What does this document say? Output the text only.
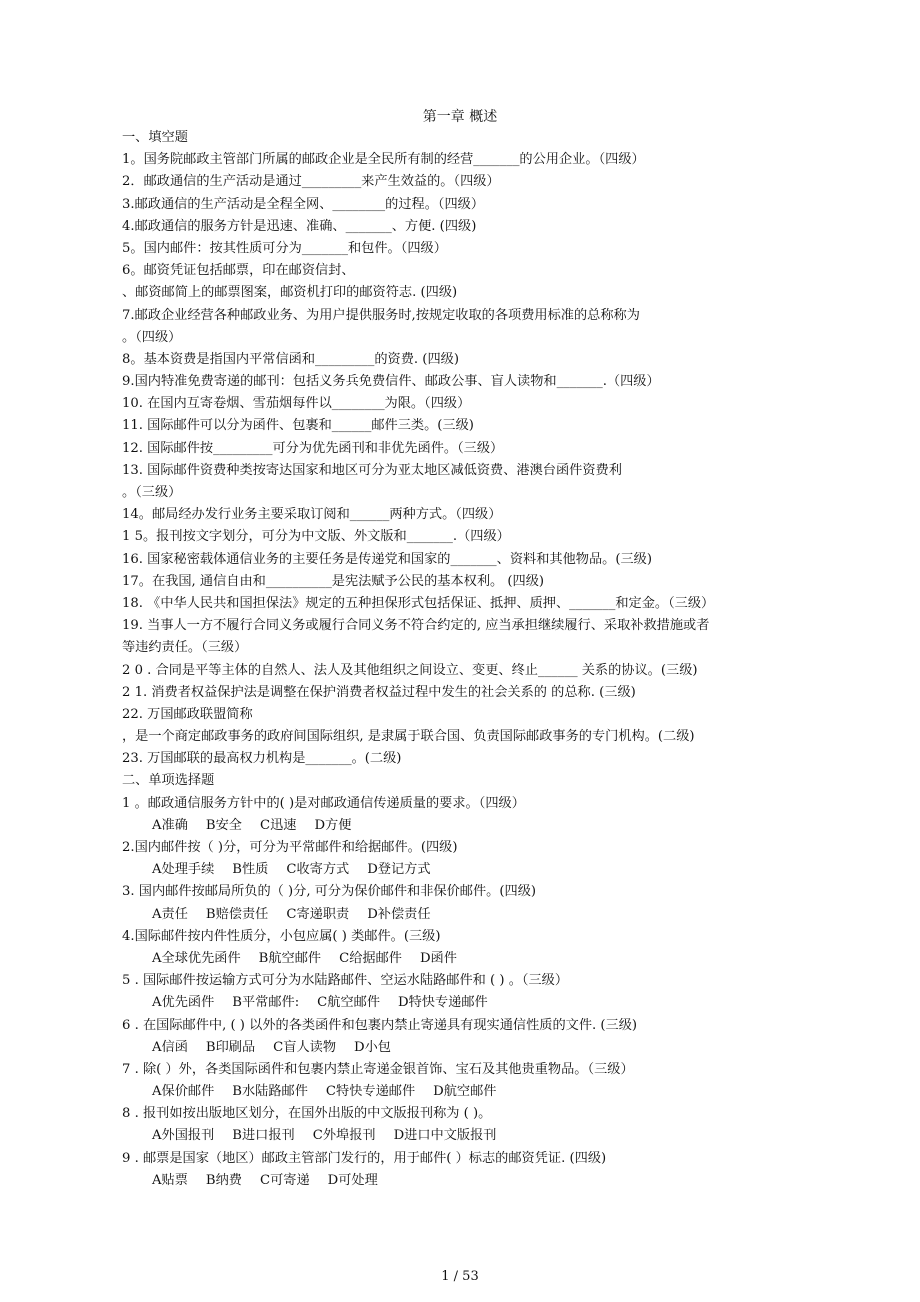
第一章 概述
一、填空题
1。国务院邮政主管部门所属的邮政企业是全民所有制的经营_______的公用企业。（四级）
2．邮政通信的生产活动是通过_________来产生效益的。（四级）
3.邮政通信的生产活动是全程全网、________的过程。（四级）
4.邮政通信的服务方针是迅速、准确、_______、方便. (四级)
5。国内邮件：按其性质可分为_______和包件。（四级）
6。邮资凭证包括邮票，印在邮资信封、
、邮资邮简上的邮票图案，邮资机打印的邮资符志. (四级)
7.邮政企业经营各种邮政业务、为用户提供服务时,按规定收取的各项费用标准的总称称为
。（四级）
8。基本资费是指国内平常信函和_________的资费. (四级)
9.国内特准免费寄递的邮刊：包括义务兵免费信件、邮政公事、盲人读物和_______.（四级）
10. 在国内互寄卷烟、雪茄烟每件以________为限。（四级）
11. 国际邮件可以分为函件、包裹和______邮件三类。(三级)
12. 国际邮件按_________可分为优先函刊和非优先函件。（三级）
13. 国际邮件资费种类按寄达国家和地区可分为亚太地区减低资费、港澳台函件资费利
。（三级）
14。邮局经办发行业务主要采取订阅和______两种方式。（四级）
1 5。报刊按文字划分，可分为中文版、外文版和_______.（四级）
16. 国家秘密载体通信业务的主要任务是传递党和国家的_______、资料和其他物品。(三级)
17。在我国, 通信自由和__________是宪法赋予公民的基本权利。 (四级)
18. 《中华人民共和国担保法》规定的五种担保形式包括保证、抵押、质押、_______和定金。（三级）
19. 当事人一方不履行合同义务或履行合同义务不符合约定的, 应当承担继续履行、采取补救措施或者
等违约责任。（三级）
2 0 . 合同是平等主体的自然人、法人及其他组织之间设立、变更、终止______ 关系的协议。(三级)
2 1. 消费者权益保护法是调整在保护消费者权益过程中发生的社会关系的 的总称. (三级)
22. 万国邮政联盟简称
，是一个商定邮政事务的政府间国际组织, 是隶属于联合国、负责国际邮政事务的专门机构。(二级)
23. 万国邮联的最高权力机构是_______。(二级)
二、单项选择题
1 。邮政通信服务方针中的( )是对邮政通信传递质量的要求。（四级）
A准确 B安全 C迅速 D方便
2.国内邮件按（ )分，可分为平常邮件和给据邮件。(四级)
A处理手续 B性质 C收寄方式 D登记方式
3. 国内邮件按邮局所负的（ )分, 可分为保价邮件和非保价邮件。(四级)
A责任 B赔偿责任 C寄递职责 D补偿责任
4.国际邮件按内件性质分，小包应属( ) 类邮件。(三级)
A全球优先函件 B航空邮件 C给据邮件 D函件
5 . 国际邮件按运输方式可分为水陆路邮件、空运水陆路邮件和 ( ) 。（三级）
A优先函件 B平常邮件: C航空邮件 D特快专递邮件
6 . 在国际邮件中, ( ) 以外的各类函件和包裹内禁止寄递具有现实通信性质的文件. (三级)
A信函 B印刷品 C盲人读物 D小包
7 . 除( ）外，各类国际函件和包裹内禁止寄递金银首饰、宝石及其他贵重物品。（三级）
A保价邮件 B水陆路邮件 C特快专递邮件 D航空邮件
8 . 报刊如按出版地区划分，在国外出版的中文版报刊称为 ( )。
A外国报刊 B进口报刊 C外埠报刊 D进口中文版报刊
9 . 邮票是国家（地区）邮政主管部门发行的，用于邮件( ）标志的邮资凭证. (四级)
A贴票 B纳费 C可寄递 D可处理
1 / 53
